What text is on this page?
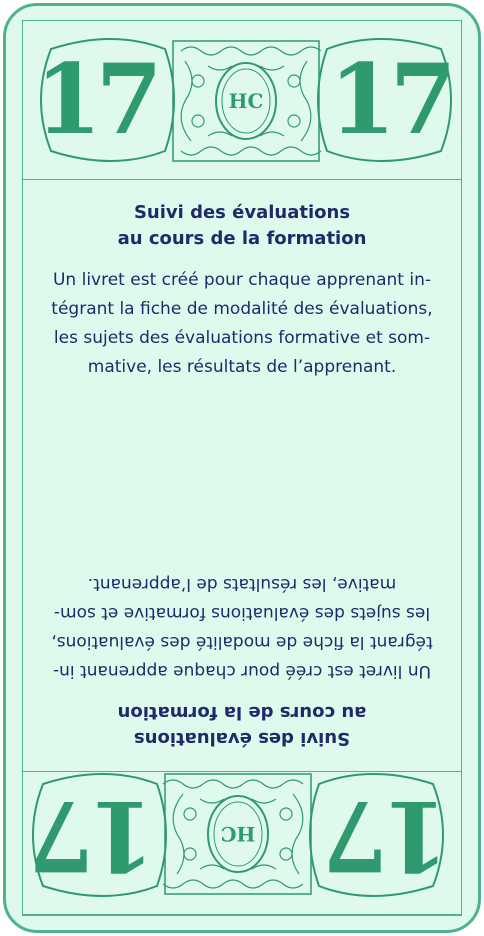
17 17
HC
Suivi des évaluations
au cours de la formation
Un livret est créé pour chaque apprenant in-
tégrant la fiche de modalité des évaluations,
les sujets des évaluations formative et som-
mative, les résultats de l’apprenant.
Suivi des évaluations
au cours de la formation
Un livret est créé pour chaque apprenant in-
tégrant la fiche de modalité des évaluations,
les sujets des évaluations formative et som-
mative, les résultats de l’apprenant.
17
17	HC
